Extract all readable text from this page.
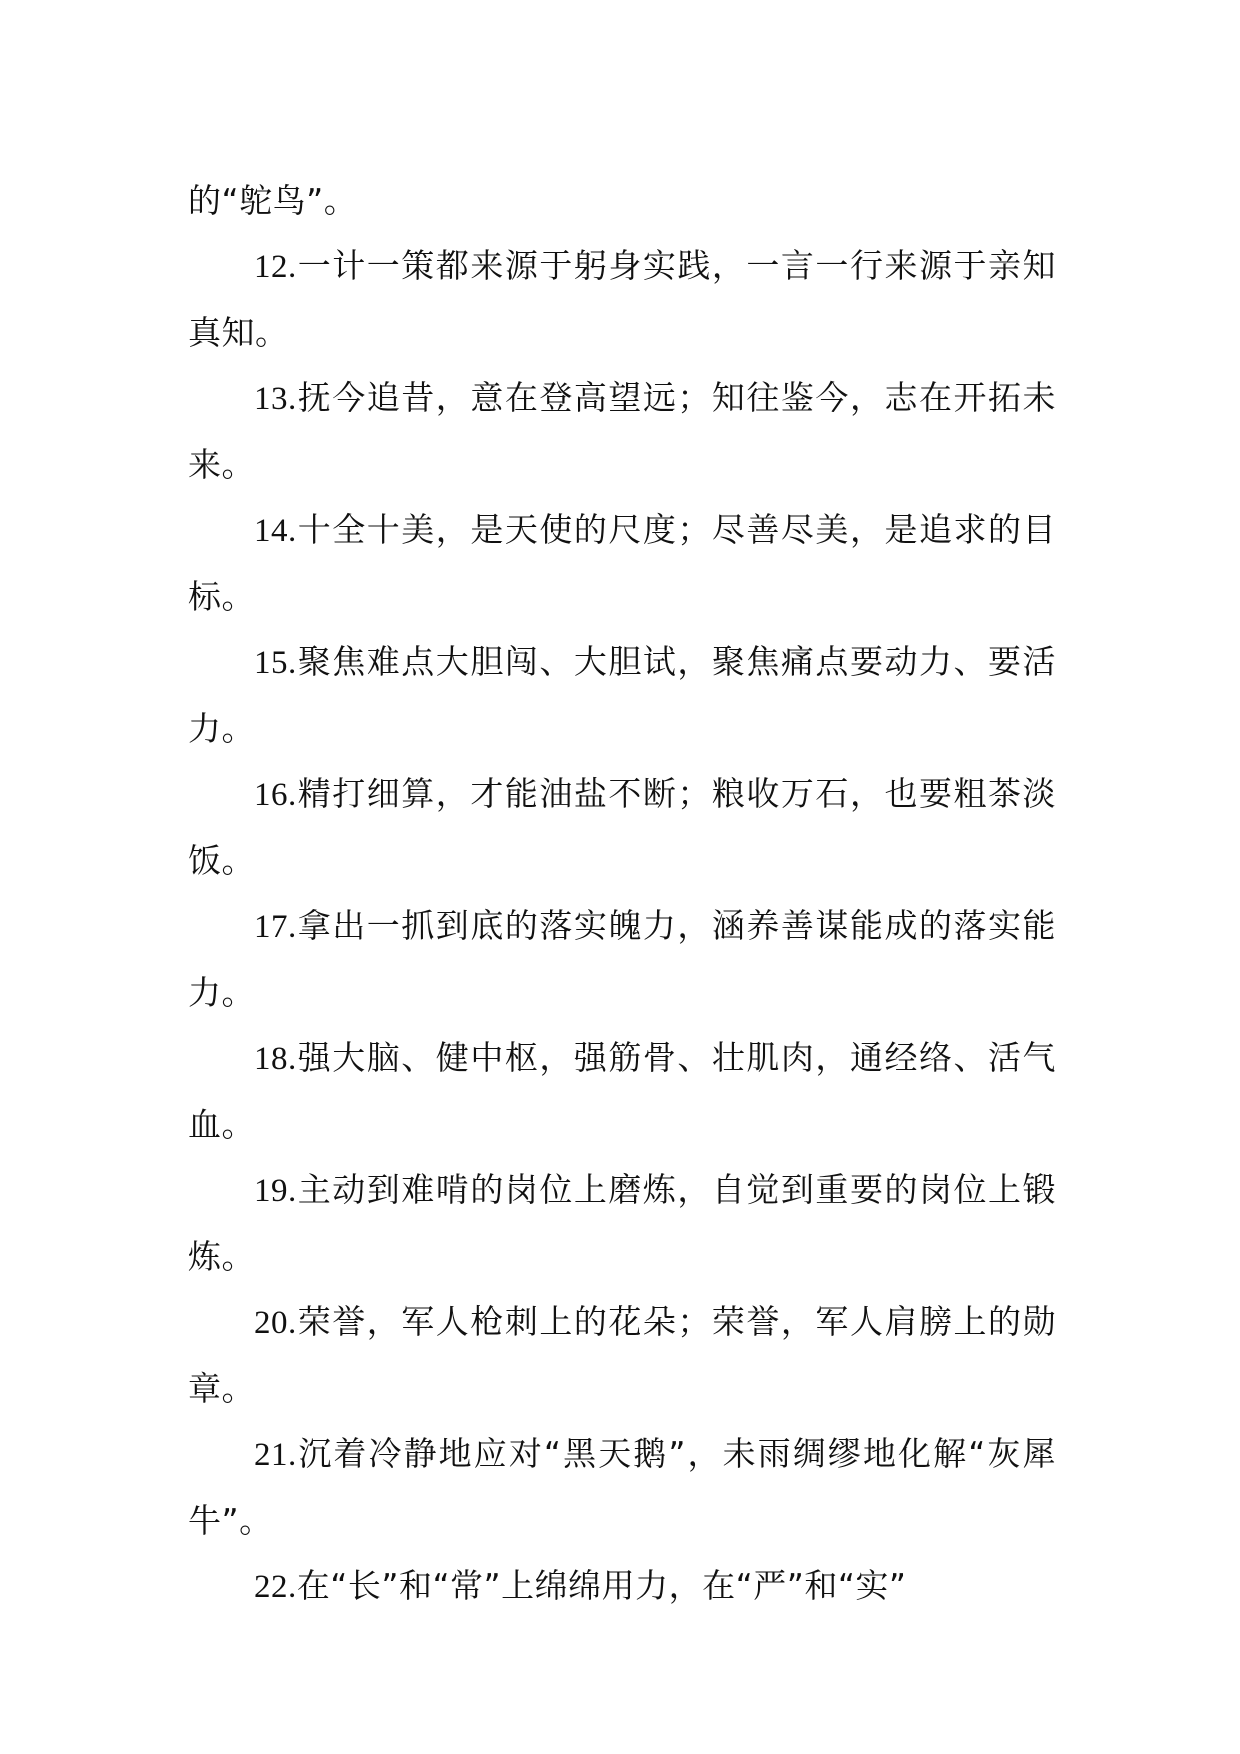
的“鸵鸟”。

12.一计一策都来源于躬身实践，一言一行来源于亲知真知。

13.抚今追昔，意在登高望远；知往鉴今，志在开拓未来。

14.十全十美，是天使的尺度；尽善尽美，是追求的目标。

15.聚焦难点大胆闯、大胆试，聚焦痛点要动力、要活力。

16.精打细算，才能油盐不断；粮收万石，也要粗茶淡饭。

17.拿出一抓到底的落实魄力，涵养善谋能成的落实能力。

18.强大脑、健中枢，强筋骨、壮肌肉，通经络、活气血。

19.主动到难啃的岗位上磨炼，自觉到重要的岗位上锻炼。

20.荣誉，军人枪刺上的花朵；荣誉，军人肩膀上的勋章。

21.沉着冷静地应对“黑天鹅”，未雨绸缪地化解“灰犀牛”。

22.在“长”和“常”上绵绵用力，在“严”和“实”
